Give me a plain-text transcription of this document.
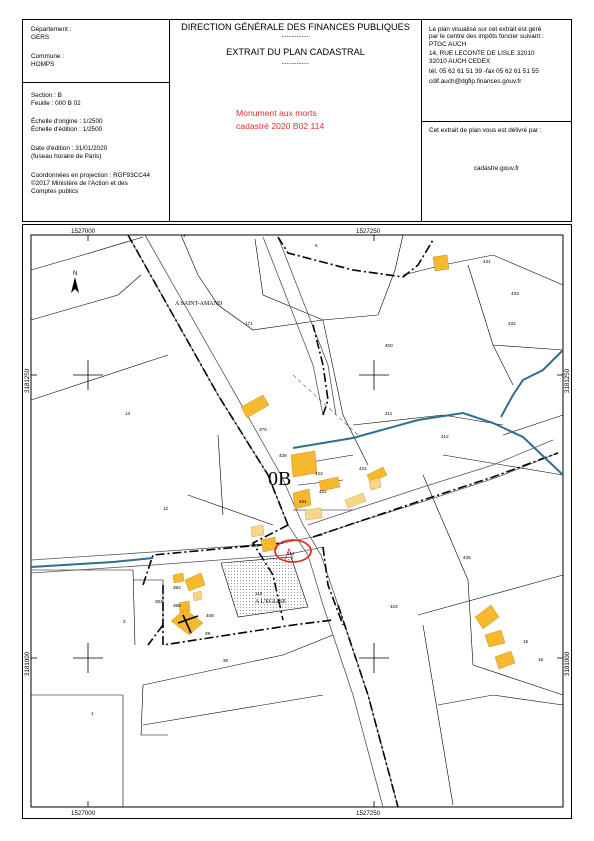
Département :
GERS
Commune :
HOMPS
DIRECTION GÉNÉRALE DES FINANCES PUBLIQUES
-----------
EXTRAIT DU PLAN CADASTRAL
-----------
Monument aux morts
cadastré 2020 B02 114
Le plan visualisé sur cet extrait est géré
par le centre des impôts foncier suivant :
PTGC AUCH
14, RUE LECONTE DE LISLE 32010
32010 AUCH CEDEX
tél. 05 62 61 51 39 -fax 05 62 61 51 55
cdif.auch@dgfip.finances.gouv.fr
Section : B
Feuille : 000 B 02
Échelle d'origine : 1/2500
Échelle d'édition : 1/2500
Date d'édition : 31/01/2020
(fuseau horaire de Paris)
Coordonnées en projection : RGF93CC44
©2017 Ministère de l'Action et des
Comptes publics
Cet extrait de plan vous est délivré par :
cadastre.gouv.fr
N
1527000	1527250
1527000	1527250
3181250	3181250
3181000	3181000
0B
A SAINT-AMAND
A L'EGLISE
4
6
171
400
433
432
411
412
13
370
428
424
423
422
421
12
385
114
115
384
406
394
356
29
30
2
1
403
16
15
431
436
